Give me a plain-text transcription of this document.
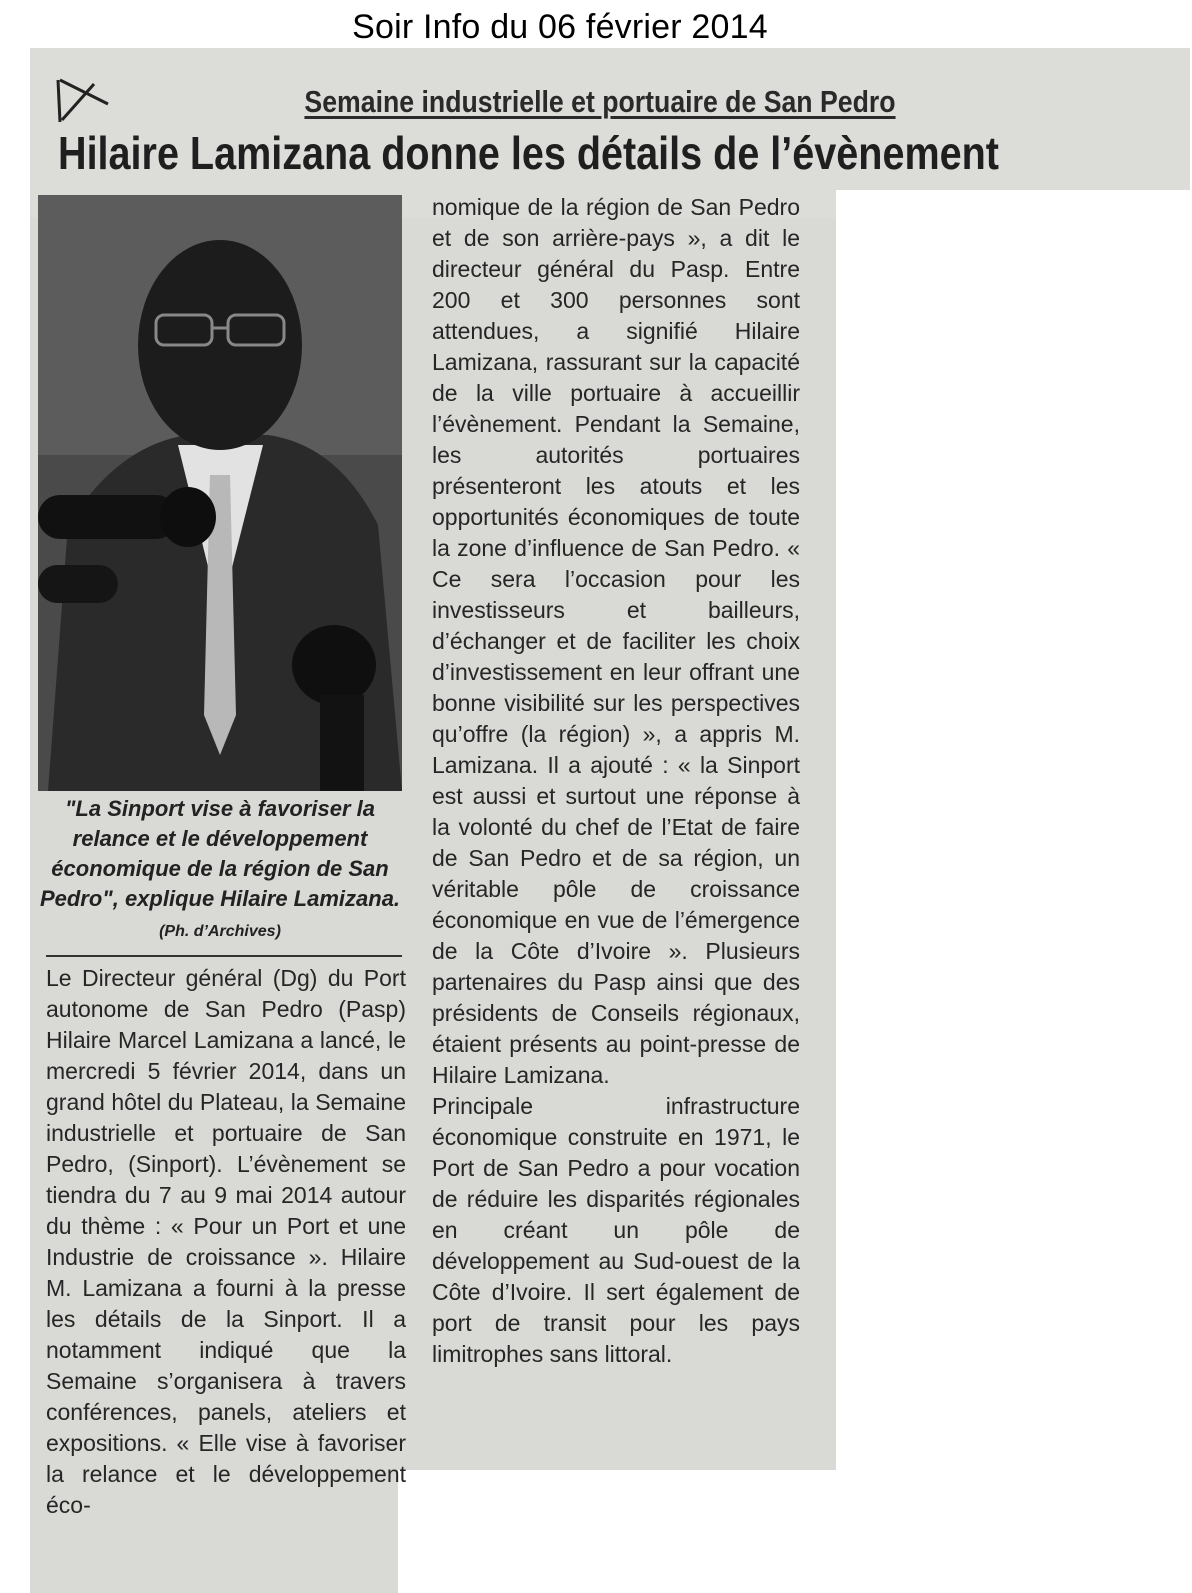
Soir Info du 06 février 2014
Semaine industrielle et portuaire de San Pedro
Hilaire Lamizana donne les détails de l’évènement
"La Sinport vise à favoriser la relance et le développement économique de la région de San Pedro", explique Hilaire Lamizana. (Ph. d’Archives)

Le Directeur général (Dg) du Port autonome de San Pedro (Pasp) Hilaire Marcel Lamizana a lancé, le mercredi 5 février 2014, dans un grand hôtel du Plateau, la Semaine industrielle et portuaire de San Pedro, (Sinport). L’évènement se tiendra du 7 au 9 mai 2014 autour du thème : « Pour un Port et une Industrie de croissance ». Hilaire M. Lamizana a fourni à la presse les détails de la Sinport. Il a notamment indiqué que la Semaine s’organisera à travers conférences, panels, ateliers et expositions. « Elle vise à favoriser la relance et le développement éco-

nomique de la région de San Pedro et de son arrière-pays », a dit le directeur général du Pasp. Entre 200 et 300 personnes sont attendues, a signifié Hilaire Lamizana, rassurant sur la capacité de la ville portuaire à accueillir l’évènement. Pendant la Semaine, les autorités portuaires présenteront les atouts et les opportunités économiques de toute la zone d’influence de San Pedro. « Ce sera l’occasion pour les investisseurs et bailleurs, d’échanger et de faciliter les choix d’investissement en leur offrant une bonne visibilité sur les perspectives qu’offre (la région) », a appris M. Lamizana. Il a ajouté : « la Sinport est aussi et surtout une réponse à la volonté du chef de l’Etat de faire de San Pedro et de sa région, un véritable pôle de croissance économique en vue de l’émergence de la Côte d’Ivoire ». Plusieurs partenaires du Pasp ainsi que des présidents de Conseils régionaux, étaient présents au point-presse de Hilaire Lamizana.

Principale infrastructure économique construite en 1971, le Port de San Pedro a pour vocation de réduire les disparités régionales en créant un pôle de développement au Sud-ouest de la Côte d’Ivoire. Il sert également de port de transit pour les pays limitrophes sans littoral.
